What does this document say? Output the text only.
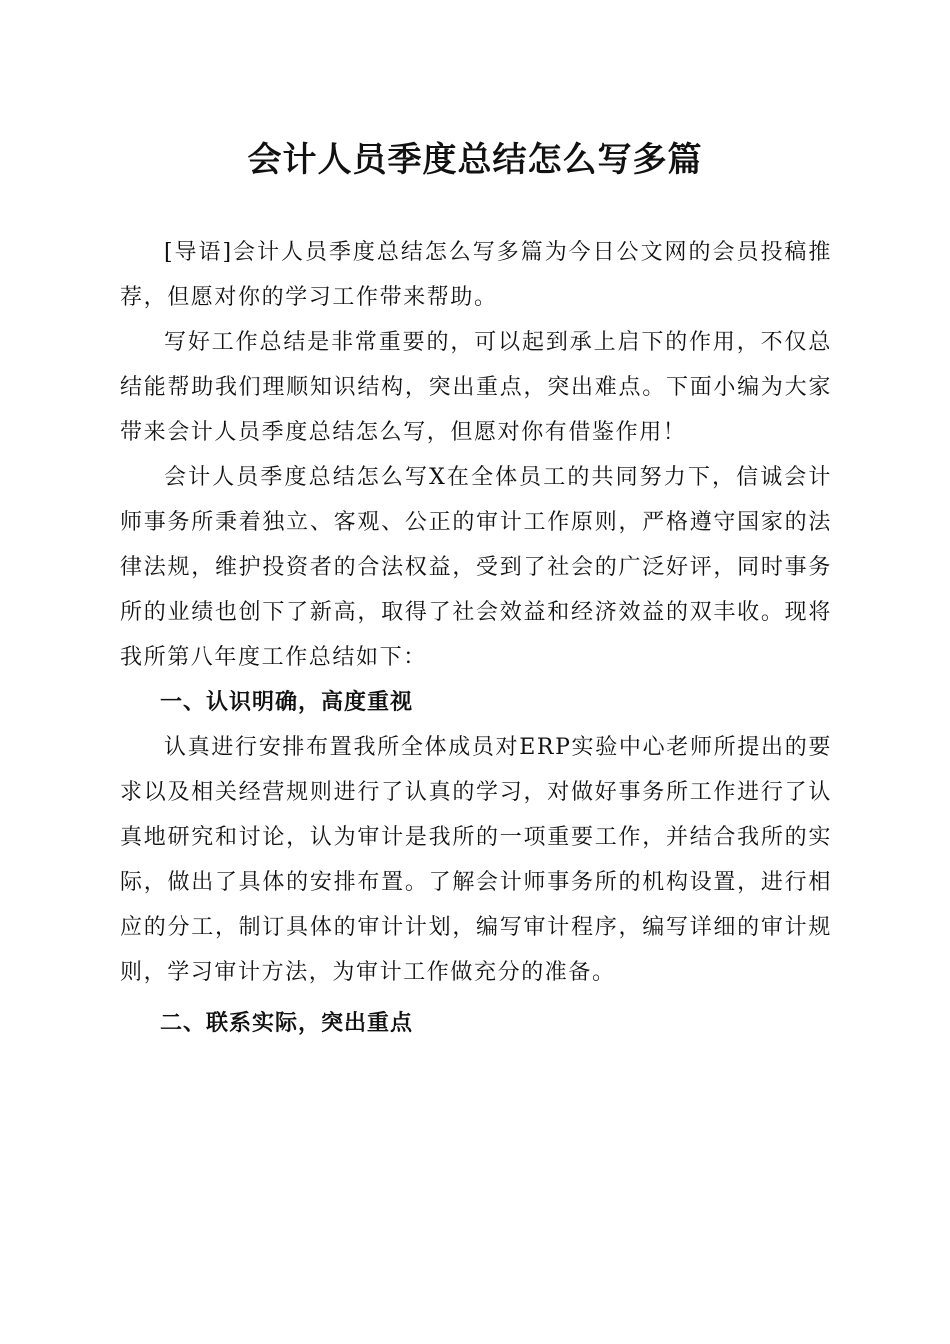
会计人员季度总结怎么写多篇

[导语]会计人员季度总结怎么写多篇为今日公文网的会员投稿推荐，但愿对你的学习工作带来帮助。

写好工作总结是非常重要的，可以起到承上启下的作用，不仅总结能帮助我们理顺知识结构，突出重点，突出难点。下面小编为大家带来会计人员季度总结怎么写，但愿对你有借鉴作用！

会计人员季度总结怎么写X在全体员工的共同努力下，信诚会计师事务所秉着独立、客观、公正的审计工作原则，严格遵守国家的法律法规，维护投资者的合法权益，受到了社会的广泛好评，同时事务所的业绩也创下了新高，取得了社会效益和经济效益的双丰收。现将我所第八年度工作总结如下：

一、认识明确，高度重视

认真进行安排布置我所全体成员对ERP实验中心老师所提出的要求以及相关经营规则进行了认真的学习，对做好事务所工作进行了认真地研究和讨论，认为审计是我所的一项重要工作，并结合我所的实际，做出了具体的安排布置。了解会计师事务所的机构设置，进行相应的分工，制订具体的审计计划，编写审计程序，编写详细的审计规则，学习审计方法，为审计工作做充分的准备。

二、联系实际，突出重点
